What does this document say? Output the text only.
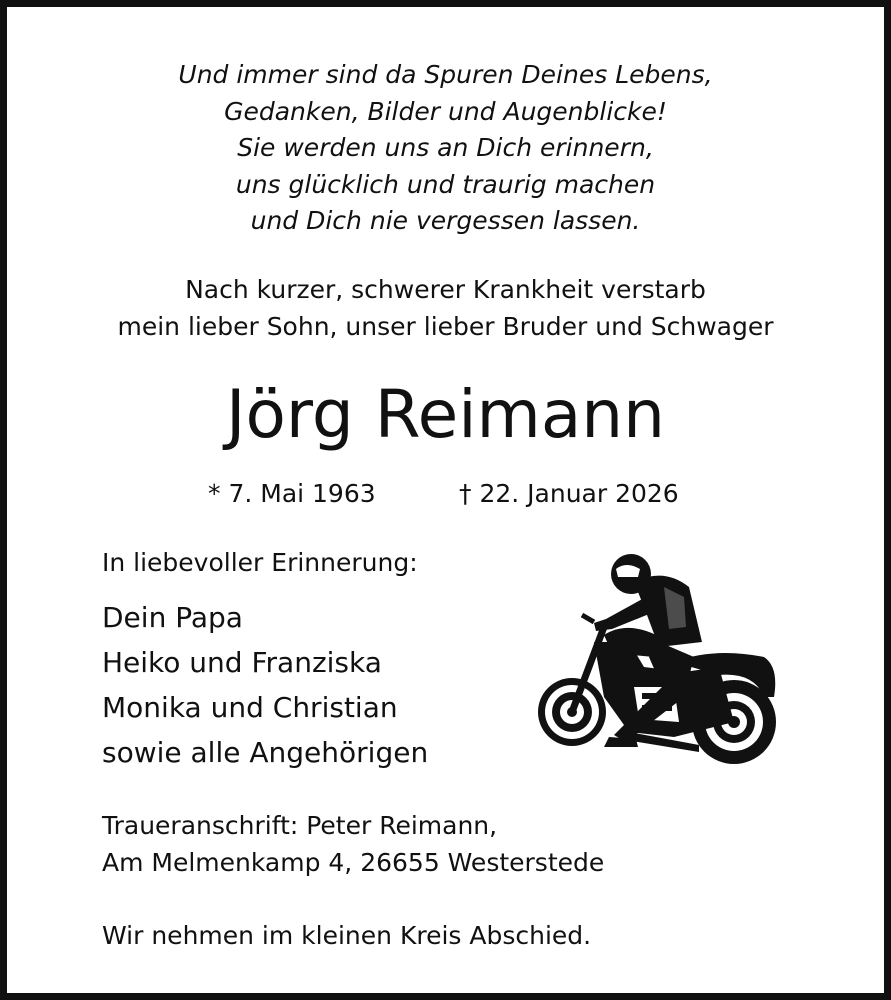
Und immer sind da Spuren Deines Lebens,
Gedanken, Bilder und Augenblicke!
Sie werden uns an Dich erinnern,
uns glücklich und traurig machen
und Dich nie vergessen lassen.
Nach kurzer, schwerer Krankheit verstarb
mein lieber Sohn, unser lieber Bruder und Schwager
Jörg Reimann
* 7. Mai 1963	† 22. Januar 2026
In liebevoller Erinnerung:
Dein Papa
Heiko und Franziska
Monika und Christian
sowie alle Angehörigen
Traueranschrift: Peter Reimann,
Am Melmenkamp 4, 26655 Westerstede
Wir nehmen im kleinen Kreis Abschied.
